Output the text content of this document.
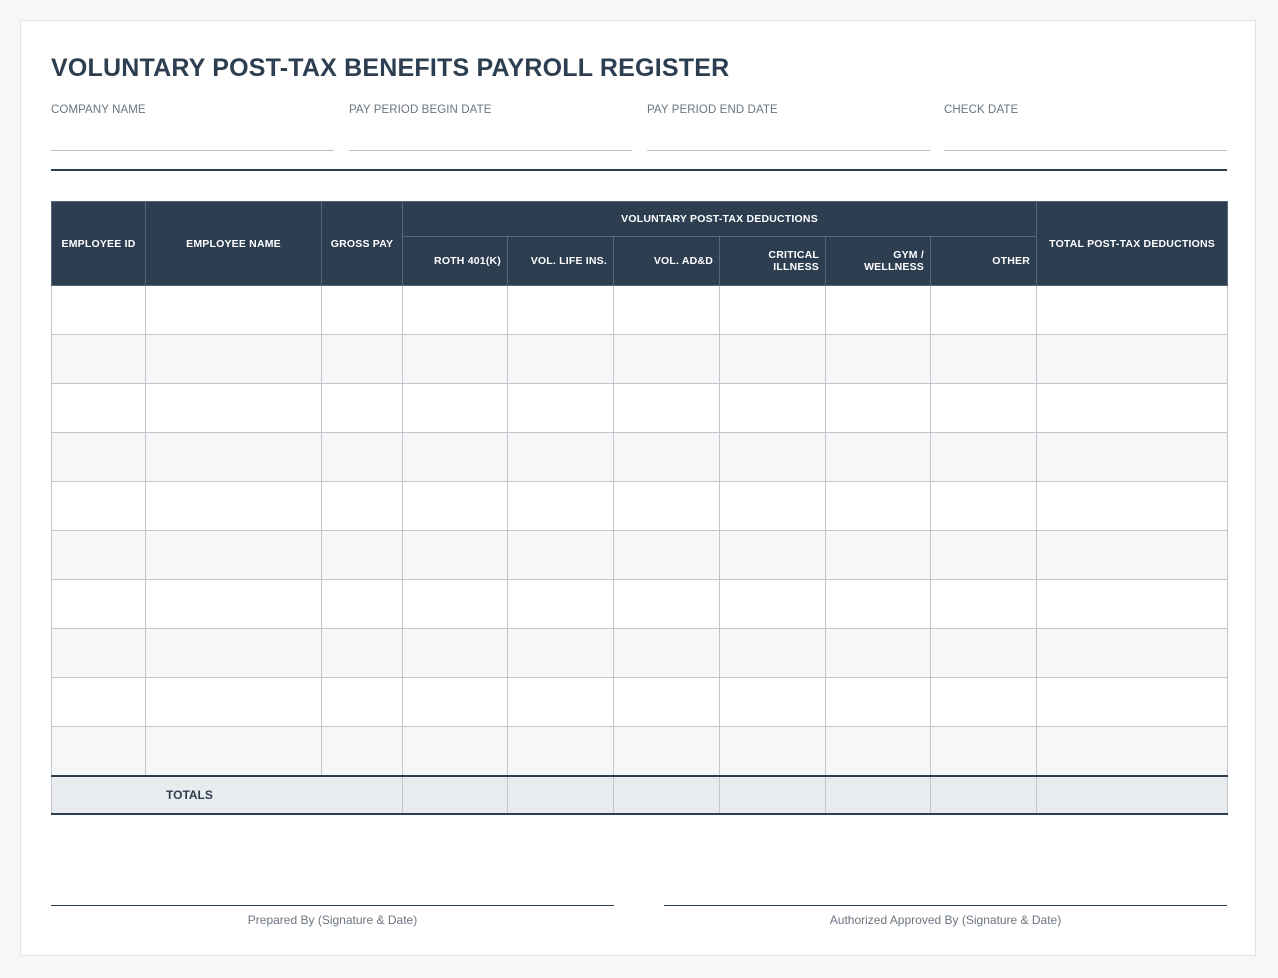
VOLUNTARY POST-TAX BENEFITS PAYROLL REGISTER
COMPANY NAME	PAY PERIOD BEGIN DATE	PAY PERIOD END DATE	CHECK DATE
EMPLOYEE ID	EMPLOYEE NAME	GROSS PAY	VOLUNTARY POST-TAX DEDUCTIONS						TOTAL POST-TAX DEDUCTIONS
			ROTH 401(K)	VOL. LIFE INS.	VOL. AD&D	CRITICAL ILLNESS	GYM / WELLNESS	OTHER	

TOTALS									
Prepared By (Signature & Date)	Authorized Approved By (Signature & Date)
